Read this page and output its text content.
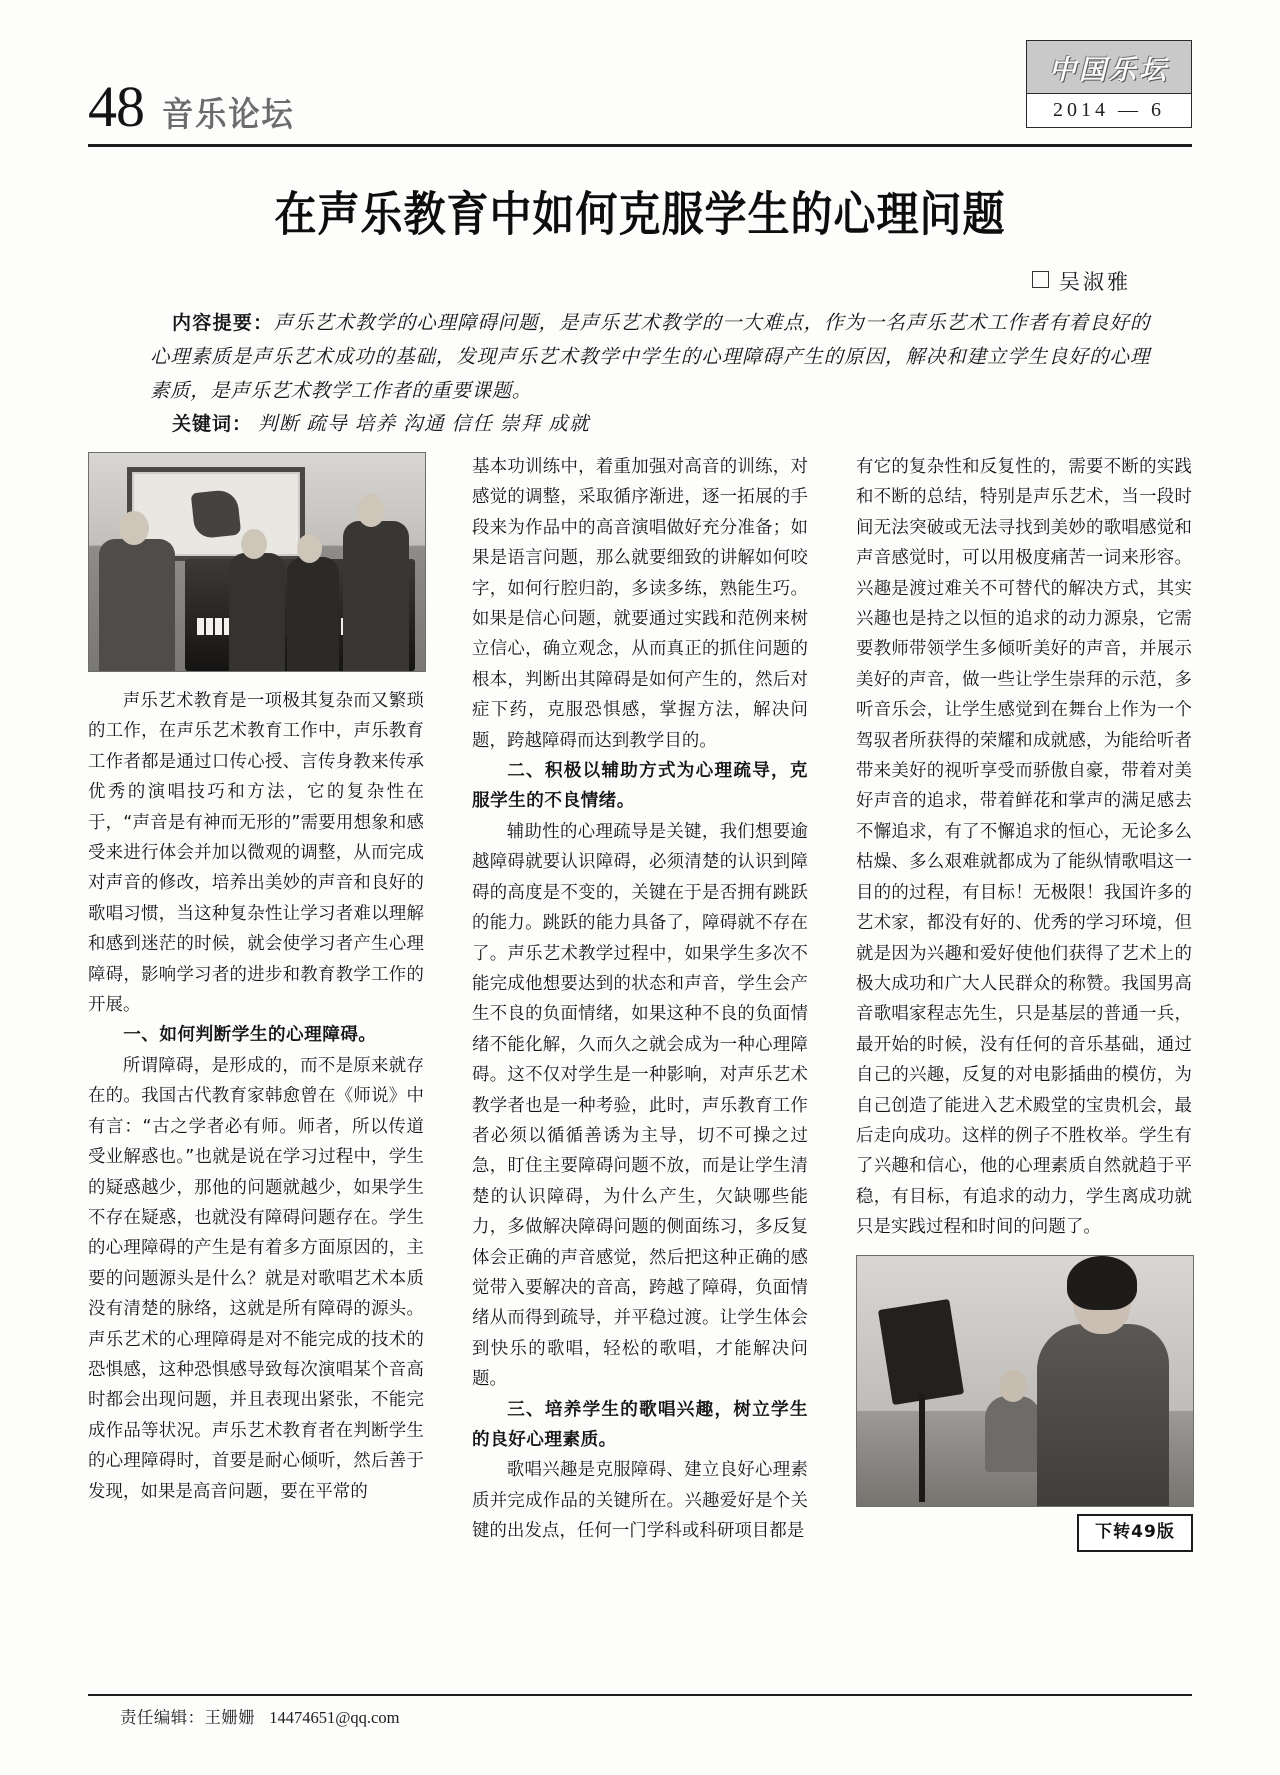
48 音乐论坛
中国乐坛
2014 — 6
在声乐教育中如何克服学生的心理问题
吴淑雅
内容提要：声乐艺术教学的心理障碍问题，是声乐艺术教学的一大难点，作为一名声乐艺术工作者有着良好的心理素质是声乐艺术成功的基础，发现声乐艺术教学中学生的心理障碍产生的原因，解决和建立学生良好的心理素质，是声乐艺术教学工作者的重要课题。
关键词： 判断 疏导 培养 沟通 信任 崇拜 成就

声乐艺术教育是一项极其复杂而又繁琐的工作，在声乐艺术教育工作中，声乐教育工作者都是通过口传心授、言传身教来传承优秀的演唱技巧和方法，它的复杂性在于，“声音是有神而无形的”需要用想象和感受来进行体会并加以微观的调整，从而完成对声音的修改，培养出美妙的声音和良好的歌唱习惯，当这种复杂性让学习者难以理解和感到迷茫的时候，就会使学习者产生心理障碍，影响学习者的进步和教育教学工作的开展。

一、如何判断学生的心理障碍。

所谓障碍，是形成的，而不是原来就存在的。我国古代教育家韩愈曾在《师说》中有言：“古之学者必有师。师者，所以传道受业解惑也。”也就是说在学习过程中，学生的疑惑越少，那他的问题就越少，如果学生不存在疑惑，也就没有障碍问题存在。学生的心理障碍的产生是有着多方面原因的，主要的问题源头是什么？就是对歌唱艺术本质没有清楚的脉络，这就是所有障碍的源头。声乐艺术的心理障碍是对不能完成的技术的恐惧感，这种恐惧感导致每次演唱某个音高时都会出现问题，并且表现出紧张，不能完成作品等状况。声乐艺术教育者在判断学生的心理障碍时，首要是耐心倾听，然后善于发现，如果是高音问题，要在平常的

基本功训练中，着重加强对高音的训练，对感觉的调整，采取循序渐进，逐一拓展的手段来为作品中的高音演唱做好充分准备；如果是语言问题，那么就要细致的讲解如何咬字，如何行腔归韵，多读多练，熟能生巧。如果是信心问题，就要通过实践和范例来树立信心，确立观念，从而真正的抓住问题的根本，判断出其障碍是如何产生的，然后对症下药，克服恐惧感，掌握方法，解决问题，跨越障碍而达到教学目的。

二、积极以辅助方式为心理疏导，克服学生的不良情绪。

辅助性的心理疏导是关键，我们想要逾越障碍就要认识障碍，必须清楚的认识到障碍的高度是不变的，关键在于是否拥有跳跃的能力。跳跃的能力具备了，障碍就不存在了。声乐艺术教学过程中，如果学生多次不能完成他想要达到的状态和声音，学生会产生不良的负面情绪，如果这种不良的负面情绪不能化解，久而久之就会成为一种心理障碍。这不仅对学生是一种影响，对声乐艺术教学者也是一种考验，此时，声乐教育工作者必须以循循善诱为主导，切不可操之过急，盯住主要障碍问题不放，而是让学生清楚的认识障碍，为什么产生，欠缺哪些能力，多做解决障碍问题的侧面练习，多反复体会正确的声音感觉，然后把这种正确的感觉带入要解决的音高，跨越了障碍，负面情绪从而得到疏导，并平稳过渡。让学生体会到快乐的歌唱，轻松的歌唱，才能解决问题。

三、培养学生的歌唱兴趣，树立学生的良好心理素质。

歌唱兴趣是克服障碍、建立良好心理素质并完成作品的关键所在。兴趣爱好是个关键的出发点，任何一门学科或科研项目都是

有它的复杂性和反复性的，需要不断的实践和不断的总结，特别是声乐艺术，当一段时间无法突破或无法寻找到美妙的歌唱感觉和声音感觉时，可以用极度痛苦一词来形容。兴趣是渡过难关不可替代的解决方式，其实兴趣也是持之以恒的追求的动力源泉，它需要教师带领学生多倾听美好的声音，并展示美好的声音，做一些让学生崇拜的示范，多听音乐会，让学生感觉到在舞台上作为一个驾驭者所获得的荣耀和成就感，为能给听者带来美好的视听享受而骄傲自豪，带着对美好声音的追求，带着鲜花和掌声的满足感去不懈追求，有了不懈追求的恒心，无论多么枯燥、多么艰难就都成为了能纵情歌唱这一目的的过程，有目标！无极限！我国许多的艺术家，都没有好的、优秀的学习环境，但就是因为兴趣和爱好使他们获得了艺术上的极大成功和广大人民群众的称赞。我国男高音歌唱家程志先生，只是基层的普通一兵，最开始的时候，没有任何的音乐基础，通过自己的兴趣，反复的对电影插曲的模仿，为自己创造了能进入艺术殿堂的宝贵机会，最后走向成功。这样的例子不胜枚举。学生有了兴趣和信心，他的心理素质自然就趋于平稳，有目标，有追求的动力，学生离成功就只是实践过程和时间的问题了。

下转49版
责任编辑：王姗姗 14474651@qq.com
